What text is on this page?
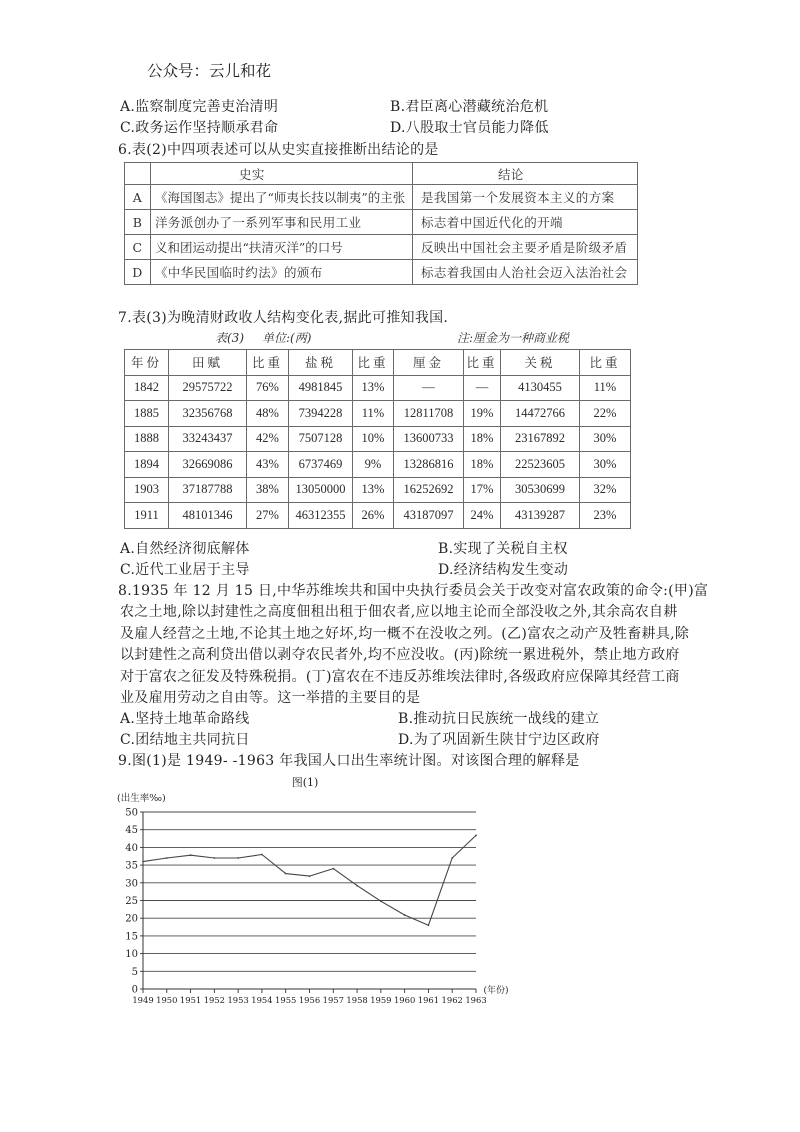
公众号：云儿和花
A.监察制度完善吏治清明	B.君臣离心潜藏统治危机
C.政务运作坚持顺承君命	D.八股取士官员能力降低
6.表(2)中四项表述可以从史实直接推断出结论的是
	史实	结论
A	《海国图志》提出了“师夷长技以制夷”的主张	是我国第一个发展资本主义的方案
B	洋务派创办了一系列军事和民用工业	标志着中国近代化的开端
C	义和团运动提出“扶清灭洋”的口号	反映出中国社会主要矛盾是阶级矛盾
D	《中华民国临时约法》的颁布	标志着我国由人治社会迈入法治社会
7.表(3)为晚清财政收人结构变化表,据此可推知我国.
表(3) 单位:(两)	注:厘金为一种商业税
年份	田赋	比重	盐税	比重	厘金	比重	关税	比重
1842	29575722	76%	4981845	13%	—	—	4130455	11%
1885	32356768	48%	7394228	11%	12811708	19%	14472766	22%
1888	33243437	42%	7507128	10%	13600733	18%	23167892	30%
1894	32669086	43%	6737469	9%	13286816	18%	22523605	30%
1903	37187788	38%	13050000	13%	16252692	17%	30530699	32%
1911	48101346	27%	46312355	26%	43187097	24%	43139287	23%
A.自然经济彻底解体	B.实现了关税自主权
C.近代工业居于主导	D.经济结构发生变动
8.1935 年 12 月 15 日,中华苏维埃共和国中央执行委员会关于改变对富农政策的命令:(甲)富
农之土地,除以封建性之高度佃租出租于佃农者,应以地主论而全部没收之外,其余高农自耕
及雇人经营之土地,不论其土地之好坏,均一概不在没收之列。(乙)富农之动产及牲畜耕具,除
以封建性之高利贷出借以剥夺农民者外,均不应没收。(丙)除统一累进税外，禁止地方政府
对于富农之征发及特殊税捐。(丁)富农在不违反苏维埃法律时,各级政府应保障其经营工商
业及雇用劳动之自由等。这一举措的主要目的是
A.坚持土地革命路线	B.推动抗日民族统一战线的建立
C.团结地主共同抗日	D.为了巩固新生陕甘宁边区政府
9.图(1)是 1949- -1963 年我国人口出生率统计图。对该图合理的解释是
图(1)
(出生率‰)
0
5
10
15
20
25
30
35
40
45
50
1949 1950 1951 1952 1953 1954 1955 1956 1957 1958 1959 1960 1961 1962 1963
(年份)
